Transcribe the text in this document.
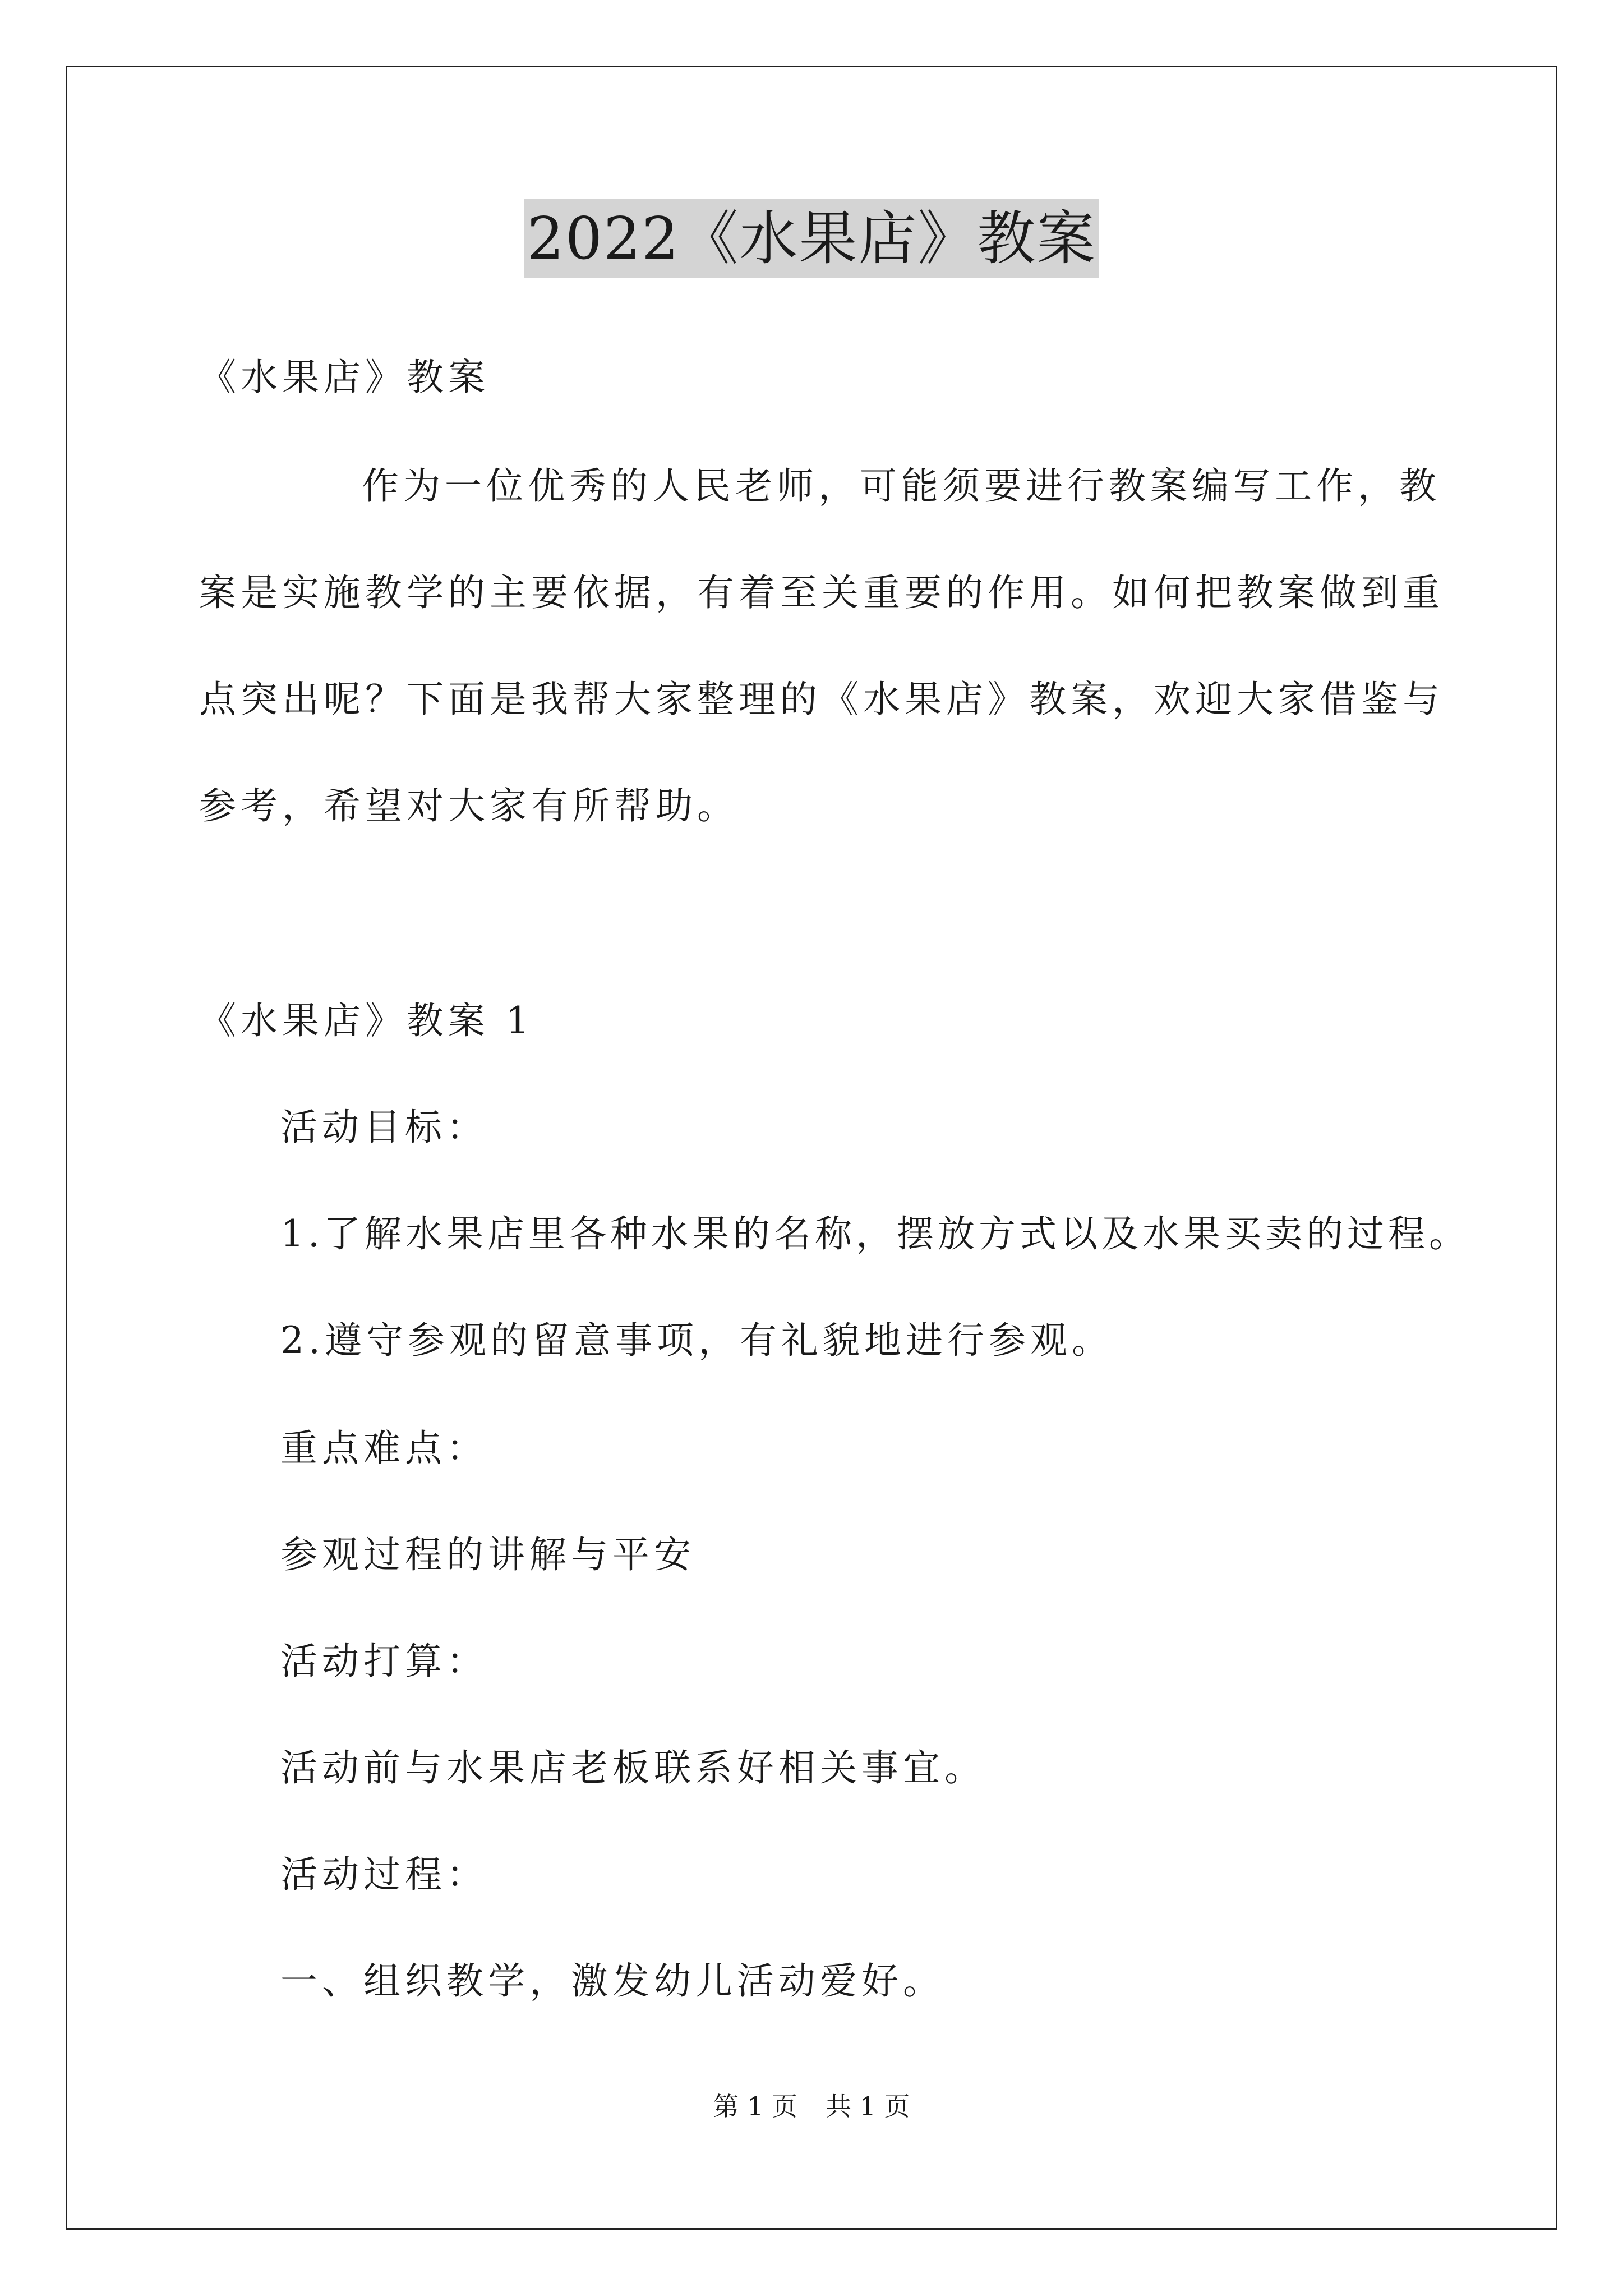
2022《水果店》教案
《水果店》教案
作为一位优秀的人民老师，可能须要进行教案编写工作，教
案是实施教学的主要依据，有着至关重要的作用。如何把教案做到重
点突出呢？下面是我帮大家整理的《水果店》教案，欢迎大家借鉴与
参考，希望对大家有所帮助。
《水果店》教案 1
活动目标：
1.了解水果店里各种水果的名称，摆放方式以及水果买卖的过程。
2.遵守参观的留意事项，有礼貌地进行参观。
重点难点：
参观过程的讲解与平安
活动打算：
活动前与水果店老板联系好相关事宜。
活动过程：
一、组织教学，激发幼儿活动爱好。
第 1 页 共 1 页
